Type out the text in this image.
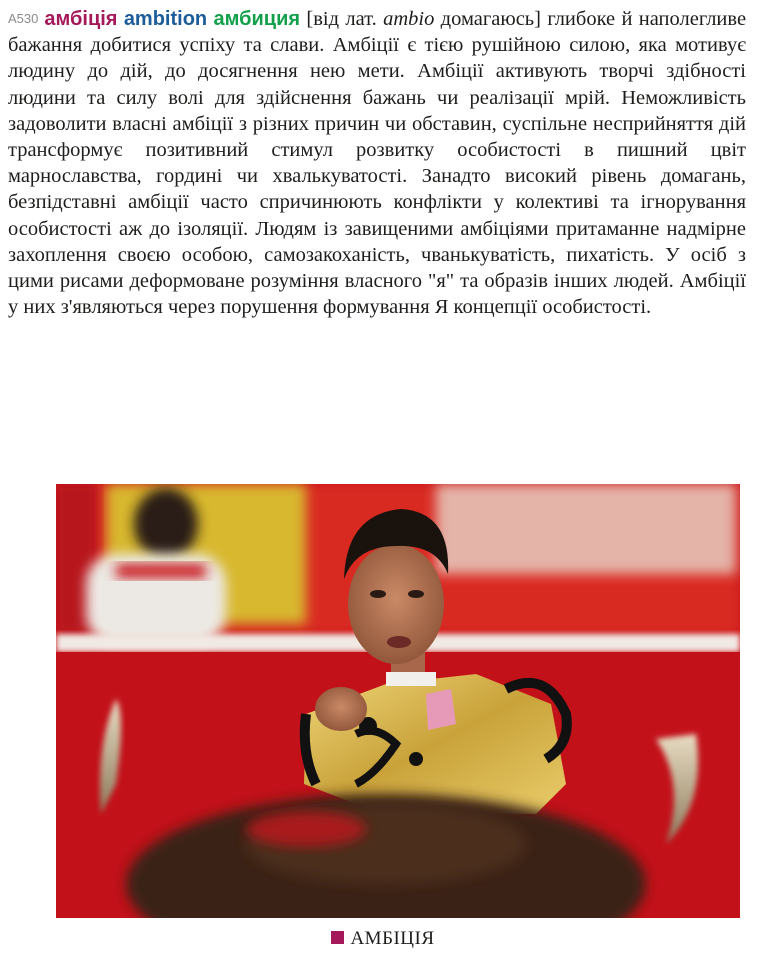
A530 амбіція ambition амбиция [від лат. ambio домагаюсь] глибоке й наполегливе бажання добитися успіху та слави. Амбіції є тією рушійною силою, яка мотивує людину до дій, до досягнення нею мети. Амбіції активують творчі здібності людини та силу волі для здійснення бажань чи реалізації мрій. Неможливість задоволити власні амбіції з різних причин чи обставин, суспільне несприйняття дій трансформує позитивний стимул розвитку особистості в пишний цвіт марнославства, гордині чи хвалькуватості. Занадто високий рівень домагань, безпідставні амбіції часто спричинюють конфлікти у колективі та ігнорування особистості аж до ізоляції. Людям із завищеними амбіціями притаманне надмірне захоплення своєю особою, самозакоханість, чванькуватість, пихатість. У осіб з цими рисами деформоване розуміння власного "я" та образів інших людей. Амбіції у них з'являються через порушення формування Я концепції особистості.
АМБІЦІЯ
